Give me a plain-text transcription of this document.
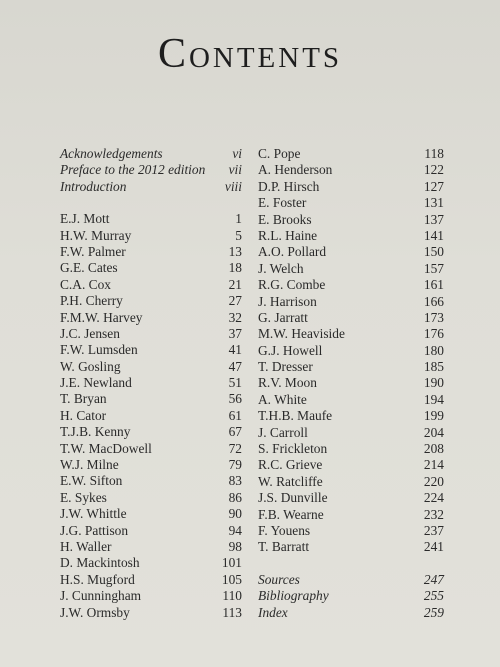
Contents
Acknowledgements	vi
Preface to the 2012 edition vii
Introduction	viii
E.J. Mott	1
H.W. Murray	5
F.W. Palmer	13
G.E. Cates	18
C.A. Cox	21
P.H. Cherry	27
F.M.W. Harvey	32
J.C. Jensen	37
F.W. Lumsden	41
W. Gosling	47
J.E. Newland	51
T. Bryan	56
H. Cator	61
T.J.B. Kenny	67
T.W. MacDowell	72
W.J. Milne	79
E.W. Sifton	83
E. Sykes	86
J.W. Whittle	90
J.G. Pattison	94
H. Waller	98
D. Mackintosh	101
H.S. Mugford	105
J. Cunningham	110
J.W. Ormsby	113
C. Pope	118
A. Henderson	122
D.P. Hirsch	127
E. Foster	131
E. Brooks	137
R.L. Haine	141
A.O. Pollard	150
J. Welch	157
R.G. Combe	161
J. Harrison	166
G. Jarratt	173
M.W. Heaviside	176
G.J. Howell	180
T. Dresser	185
R.V. Moon	190
A. White	194
T.H.B. Maufe	199
J. Carroll	204
S. Frickleton	208
R.C. Grieve	214
W. Ratcliffe	220
J.S. Dunville	224
F.B. Wearne	232
F. Youens	237
T. Barratt	241
Sources	247
Bibliography	255
Index	259
